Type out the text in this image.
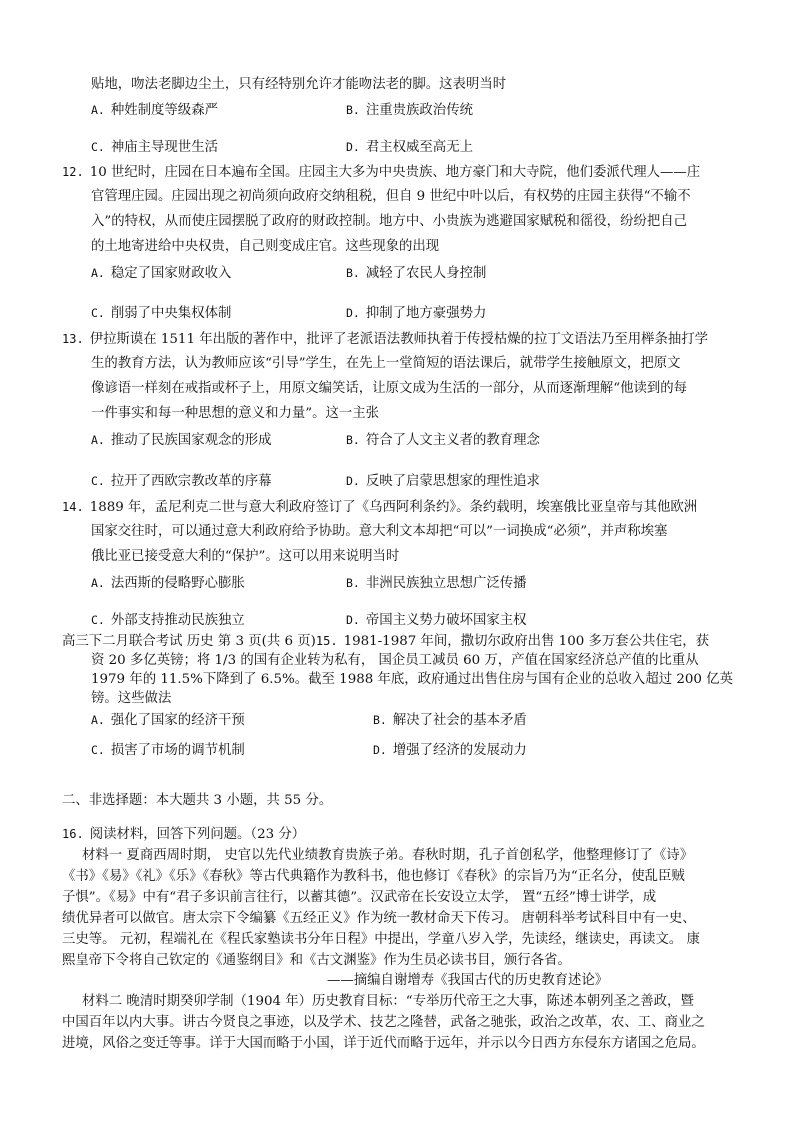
贴地，吻法老脚边尘土，只有经特别允许才能吻法老的脚。这表明当时
A. 种姓制度等级森严	B. 注重贵族政治传统
C. 神庙主导现世生活	D. 君主权威至高无上
12. 10 世纪时，庄园在日本遍布全国。庄园主大多为中央贵族、地方豪门和大寺院，他们委派代理人——庄
官管理庄园。庄园出现之初尚须向政府交纳租税，但自 9 世纪中叶以后，有权势的庄园主获得“不输不
入”的特权，从而使庄园摆脱了政府的财政控制。地方中、小贵族为逃避国家赋税和徭役，纷纷把自己
的土地寄进给中央权贵，自己则变成庄官。这些现象的出现
A. 稳定了国家财政收入	B. 减轻了农民人身控制
C. 削弱了中央集权体制	D. 抑制了地方豪强势力
13. 伊拉斯谟在 1511 年出版的著作中，批评了老派语法教师执着于传授枯燥的拉丁文语法乃至用榉条抽打学
生的教育方法，认为教师应该“引导”学生，在先上一堂简短的语法课后，就带学生接触原文，把原文
像谚语一样刻在戒指或杯子上，用原文编笑话，让原文成为生活的一部分，从而逐渐理解“他读到的每
一件事实和每一种思想的意义和力量”。这一主张
A. 推动了民族国家观念的形成	B. 符合了人文主义者的教育理念
C. 拉开了西欧宗教改革的序幕	D. 反映了启蒙思想家的理性追求
14. 1889 年，孟尼利克二世与意大利政府签订了《乌西阿利条约》。条约载明，埃塞俄比亚皇帝与其他欧洲
国家交往时，可以通过意大利政府给予协助。意大利文本却把“可以”一词换成“必须”，并声称埃塞
俄比亚已接受意大利的“保护”。这可以用来说明当时
A. 法西斯的侵略野心膨胀	B. 非洲民族独立思想广泛传播
C. 外部支持推动民族独立	D. 帝国主义势力破坏国家主权
高三下二月联合考试 历史 第 3 页(共 6 页)15. 1981-1987 年间，撒切尔政府出售 100 多万套公共住宅，获
资 20 多亿英镑；将 1/3 的国有企业转为私有， 国企员工减员 60 万，产值在国家经济总产值的比重从
1979 年的 11.5%下降到了 6.5%。截至 1988 年底，政府通过出售住房与国有企业的总收入超过 200 亿英
镑。这些做法
A. 强化了国家的经济干预	B. 解决了社会的基本矛盾
C. 损害了市场的调节机制	D. 增强了经济的发展动力
二、非选择题：本大题共 3 小题，共 55 分。
16. 阅读材料，回答下列问题。（23 分）
材料一 夏商西周时期， 史官以先代业绩教育贵族子弟。春秋时期，孔子首创私学，他整理修订了《诗》
《书》《易》《礼》《乐》《春秋》等古代典籍作为教科书，他也修订《春秋》的宗旨乃为“正名分，使乱臣贼
子惧”。《易》中有“君子多识前言往行，以蓄其德”。汉武帝在长安设立太学， 置“五经”博士讲学，成
绩优异者可以做官。唐太宗下令编纂《五经正义》作为统一教材命天下传习。 唐朝科举考试科目中有一史、
三史等。 元初，程端礼在《程氏家塾读书分年日程》中提出，学童八岁入学，先读经，继读史，再读文。 康
熙皇帝下令将自己钦定的《通鉴纲目》和《古文渊鉴》作为生员必读书目，颁行各省。
——摘编自谢增寿《我国古代的历史教育述论》
材料二 晚清时期癸卯学制（1904 年）历史教育目标：“专举历代帝王之大事，陈述本朝列圣之善政，暨
中国百年以内大事。讲古今贤良之事迹，以及学术、技艺之隆替，武备之驰张，政治之改革，农、工、商业之
进境，风俗之变迁等事。详于大国而略于小国，详于近代而略于远年，并示以今日西方东侵东方诸国之危局。
